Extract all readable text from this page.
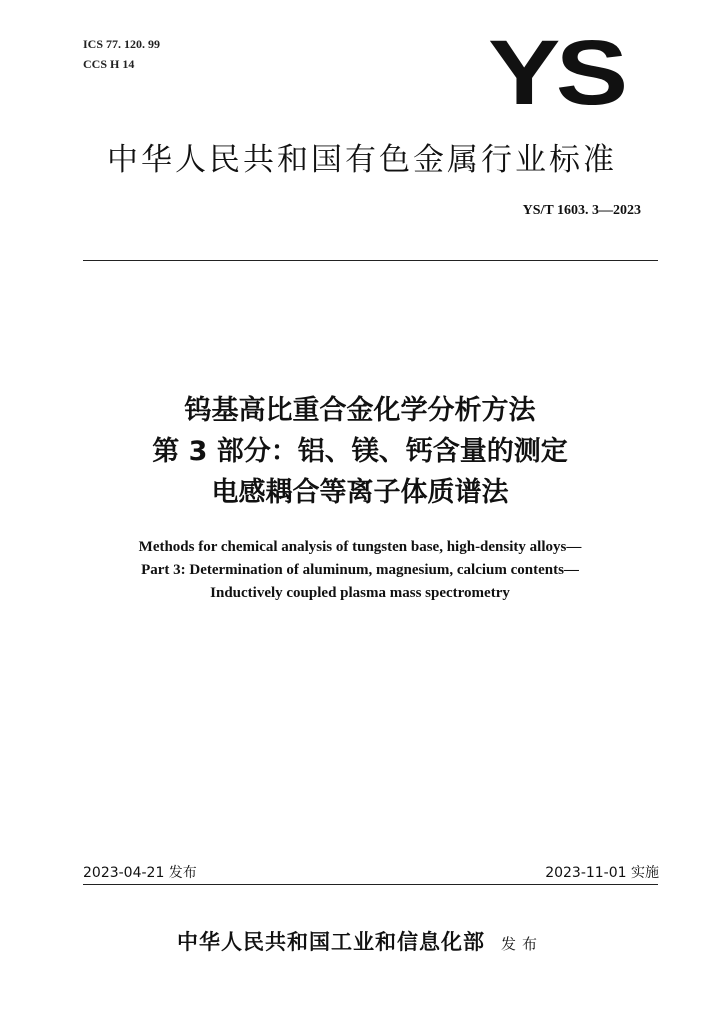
ICS 77. 120. 99
CCS H 14	YS
中华人民共和国有色金属行业标准
YS/T 1603. 3—2023
钨基高比重合金化学分析方法
第 3 部分：铝、镁、钙含量的测定
电感耦合等离子体质谱法
Methods for chemical analysis of tungsten base, high-density alloys—
Part 3: Determination of aluminum, magnesium, calcium contents—
Inductively coupled plasma mass spectrometry
2023-04-21 发布	2023-11-01 实施
中华人民共和国工业和信息化部 发布
